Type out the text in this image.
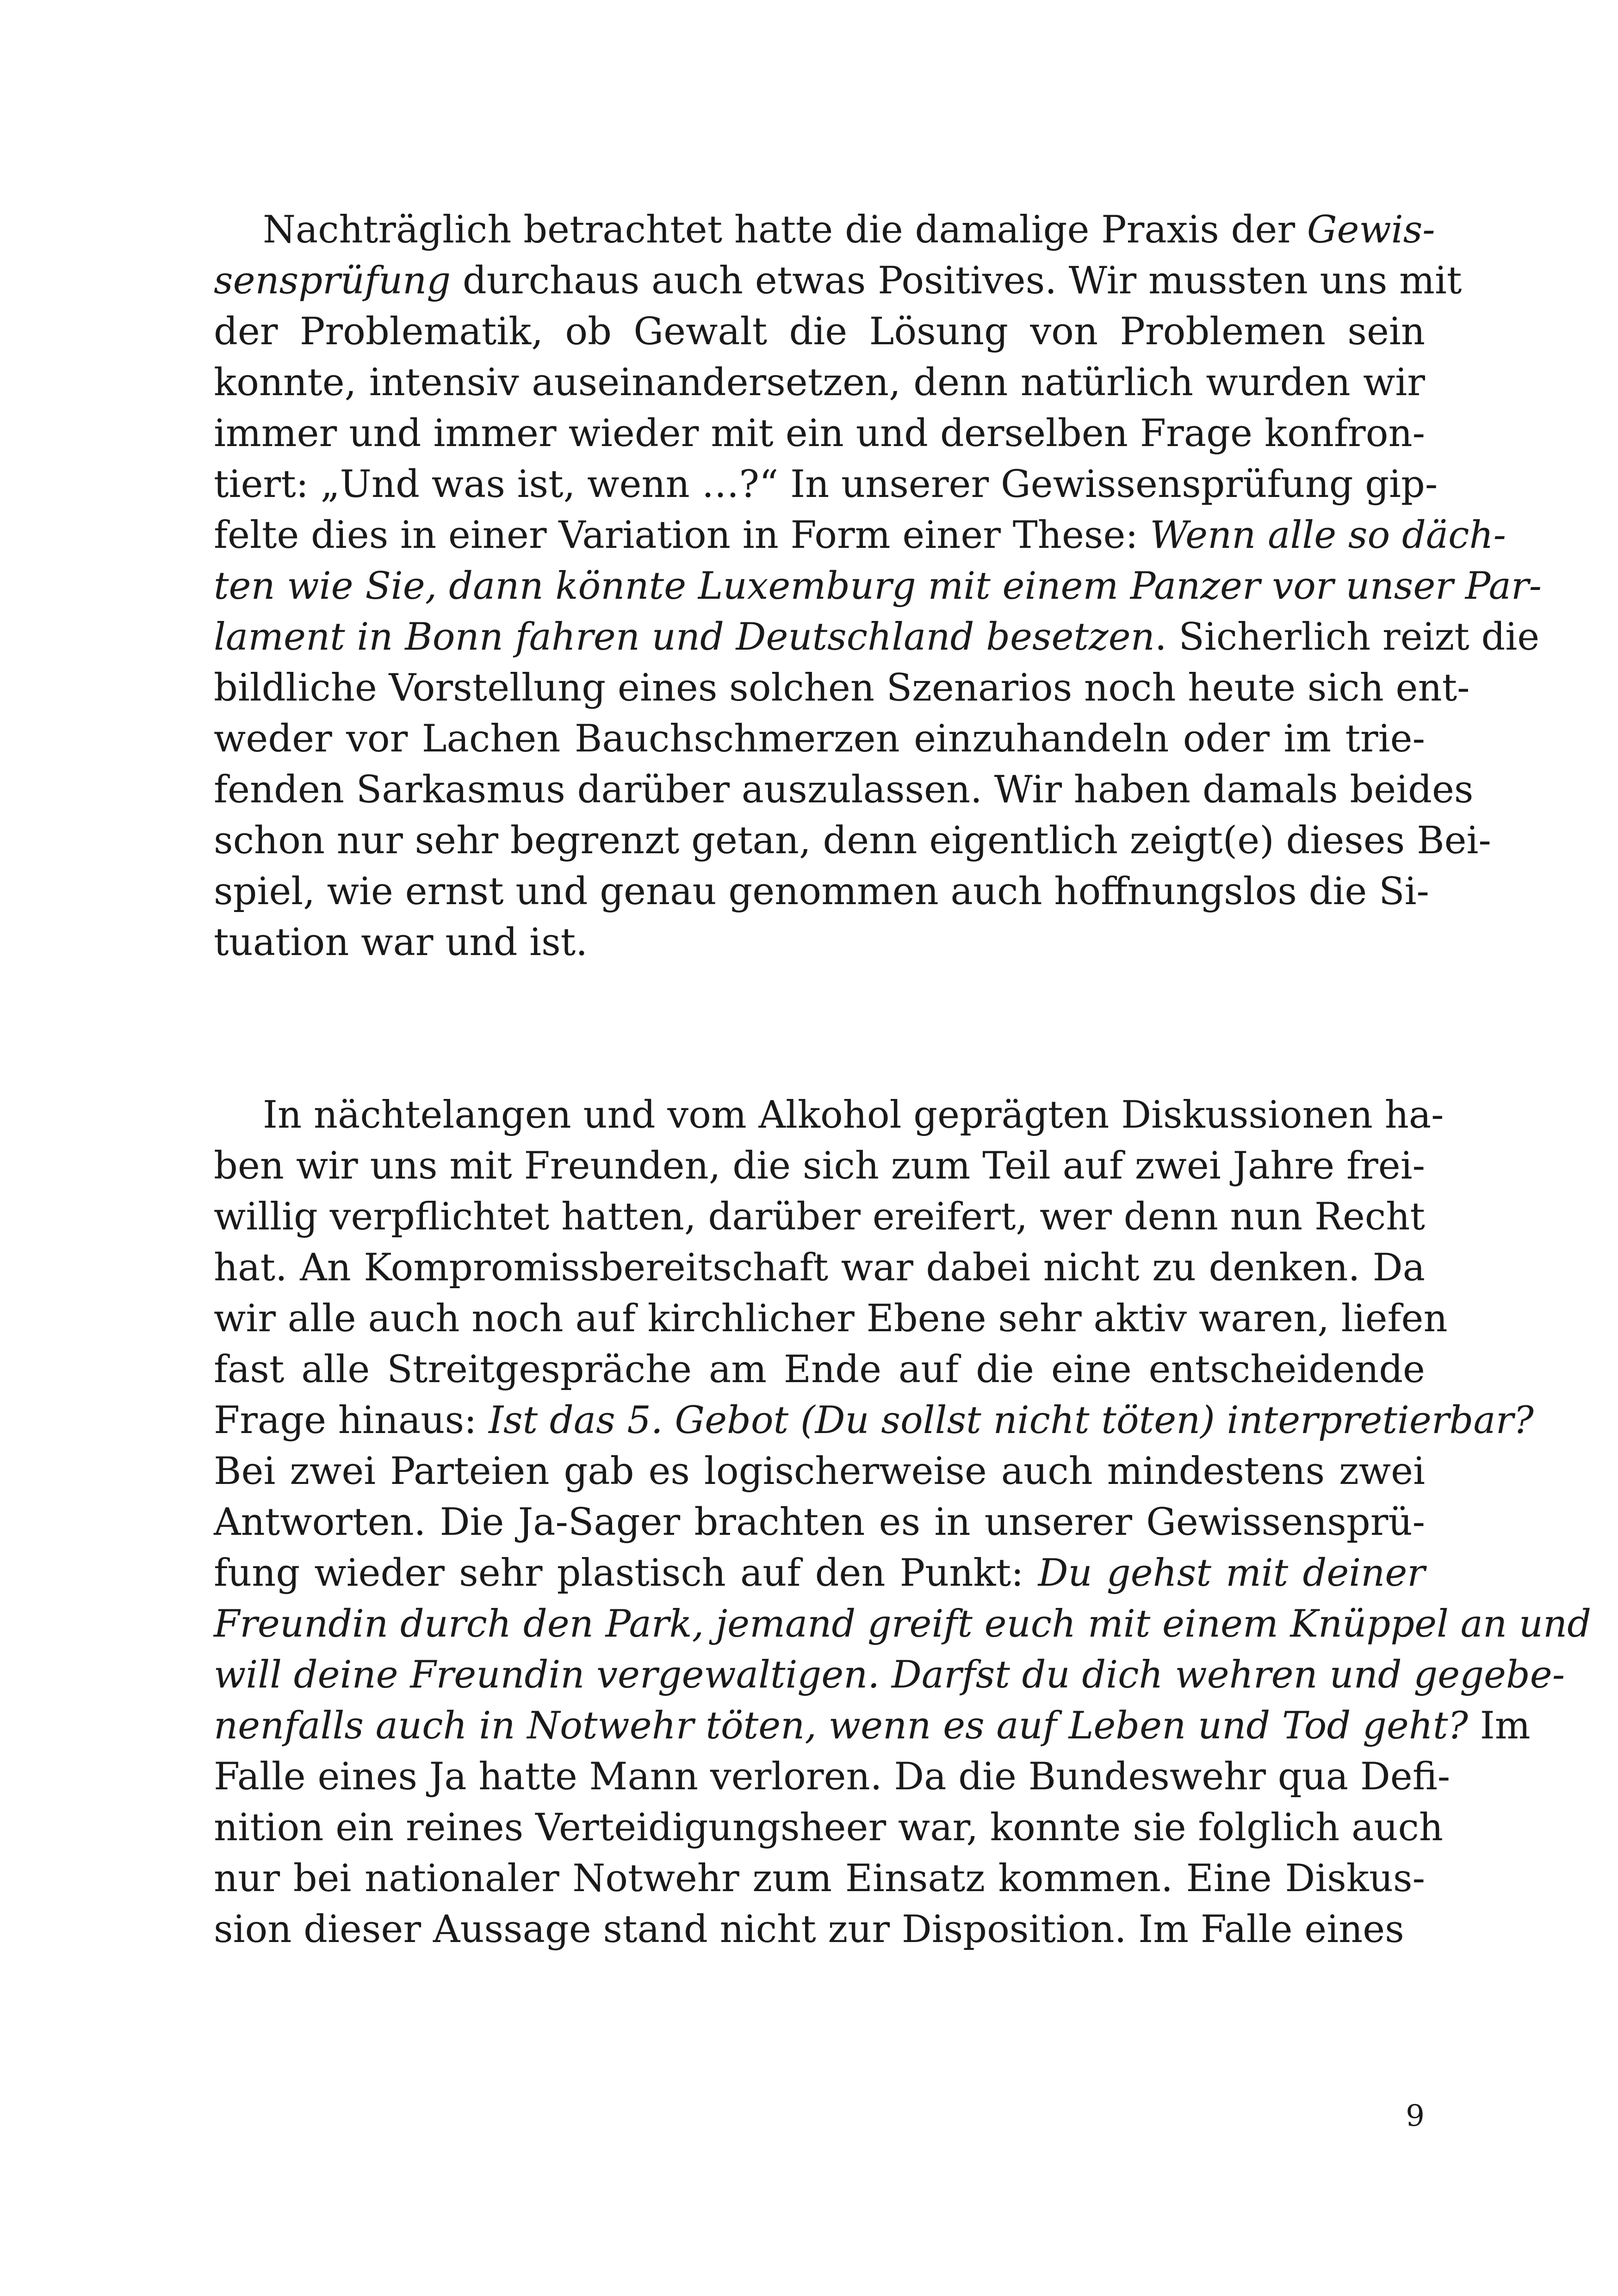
Nachträglich betrachtet hatte die damalige Praxis der Gewis-
sensprüfung durchaus auch etwas Positives. Wir mussten uns mit
der Problematik, ob Gewalt die Lösung von Problemen sein
konnte, intensiv auseinandersetzen, denn natürlich wurden wir
immer und immer wieder mit ein und derselben Frage konfron-
tiert: „Und was ist, wenn …?“ In unserer Gewissensprüfung gip-
felte dies in einer Variation in Form einer These: Wenn alle so däch-
ten wie Sie, dann könnte Luxemburg mit einem Panzer vor unser Par-
lament in Bonn fahren und Deutschland besetzen. Sicherlich reizt die
bildliche Vorstellung eines solchen Szenarios noch heute sich ent-
weder vor Lachen Bauchschmerzen einzuhandeln oder im trie-
fenden Sarkasmus darüber auszulassen. Wir haben damals beides
schon nur sehr begrenzt getan, denn eigentlich zeigt(e) dieses Bei-
spiel, wie ernst und genau genommen auch hoffnungslos die Si-
tuation war und ist.
In nächtelangen und vom Alkohol geprägten Diskussionen ha-
ben wir uns mit Freunden, die sich zum Teil auf zwei Jahre frei-
willig verpflichtet hatten, darüber ereifert, wer denn nun Recht
hat. An Kompromissbereitschaft war dabei nicht zu denken. Da
wir alle auch noch auf kirchlicher Ebene sehr aktiv waren, liefen
fast alle Streitgespräche am Ende auf die eine entscheidende
Frage hinaus: Ist das 5. Gebot (Du sollst nicht töten) interpretierbar?
Bei zwei Parteien gab es logischerweise auch mindestens zwei
Antworten. Die Ja-Sager brachten es in unserer Gewissensprü-
fung wieder sehr plastisch auf den Punkt: Du gehst mit deiner
Freundin durch den Park, jemand greift euch mit einem Knüppel an und
will deine Freundin vergewaltigen. Darfst du dich wehren und gegebe-
nenfalls auch in Notwehr töten, wenn es auf Leben und Tod geht? Im
Falle eines Ja hatte Mann verloren. Da die Bundeswehr qua Defi-
nition ein reines Verteidigungsheer war, konnte sie folglich auch
nur bei nationaler Notwehr zum Einsatz kommen. Eine Diskus-
sion dieser Aussage stand nicht zur Disposition. Im Falle eines
9
